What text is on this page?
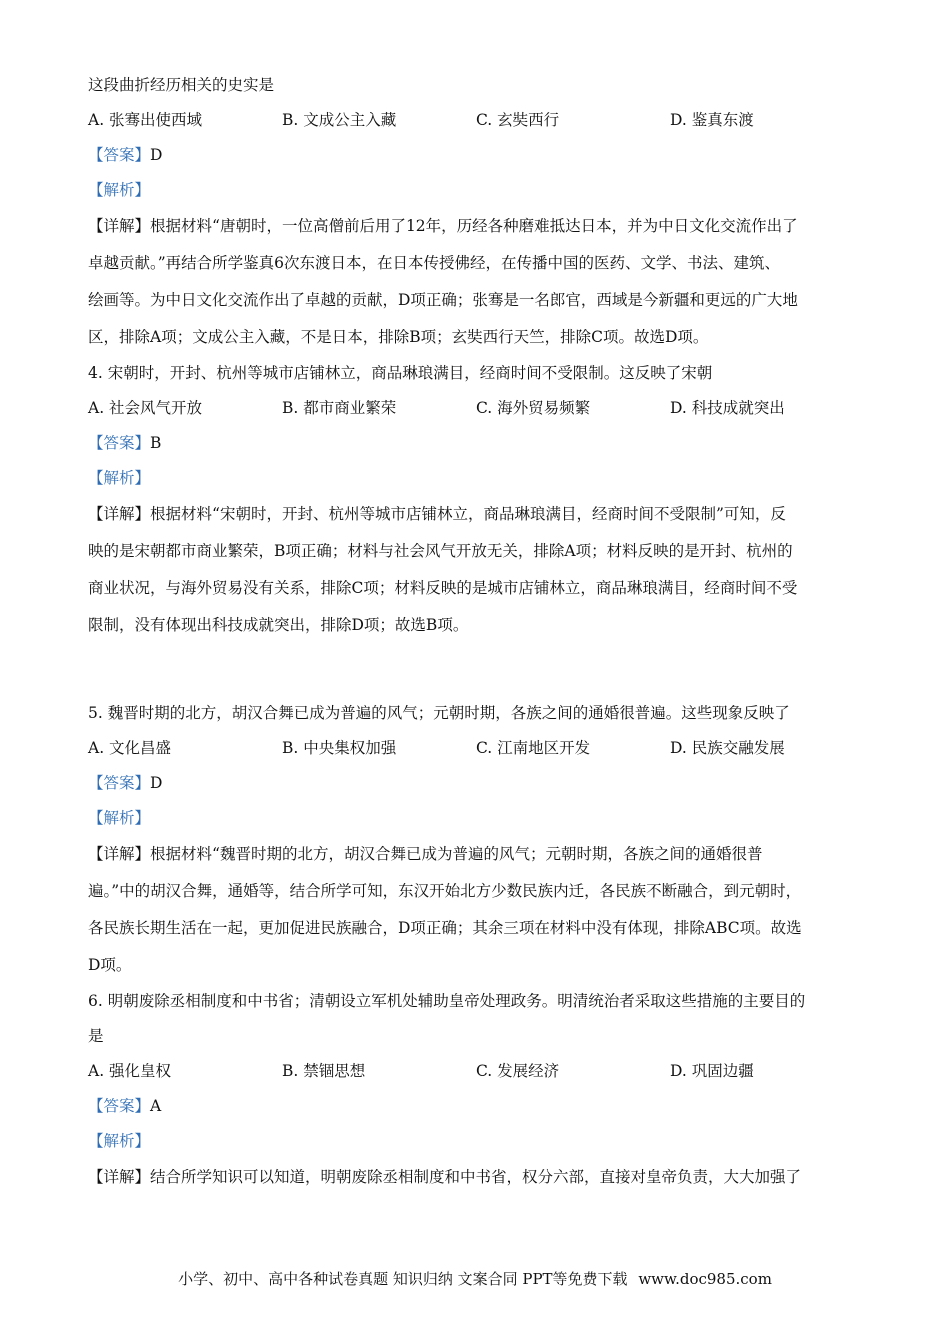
这段曲折经历相关的史实是
A. 张骞出使西域	B. 文成公主入藏	C. 玄奘西行	D. 鉴真东渡
【答案】D
【解析】
【详解】根据材料“唐朝时，一位高僧前后用了12年，历经各种磨难抵达日本，并为中日文化交流作出了
卓越贡献。”再结合所学鉴真6次东渡日本，在日本传授佛经，在传播中国的医药、文学、书法、建筑、
绘画等。为中日文化交流作出了卓越的贡献，D项正确；张骞是一名郎官，西域是今新疆和更远的广大地
区，排除A项；文成公主入藏，不是日本，排除B项；玄奘西行天竺，排除C项。故选D项。
4. 宋朝时，开封、杭州等城市店铺林立，商品琳琅满目，经商时间不受限制。这反映了宋朝
A. 社会风气开放	B. 都市商业繁荣	C. 海外贸易频繁	D. 科技成就突出
【答案】B
【解析】
【详解】根据材料“宋朝时，开封、杭州等城市店铺林立，商品琳琅满目，经商时间不受限制”可知，反
映的是宋朝都市商业繁荣，B项正确；材料与社会风气开放无关，排除A项；材料反映的是开封、杭州的
商业状况，与海外贸易没有关系，排除C项；材料反映的是城市店铺林立，商品琳琅满目，经商时间不受
限制，没有体现出科技成就突出，排除D项；故选B项。
5. 魏晋时期的北方，胡汉合舞已成为普遍的风气；元朝时期，各族之间的通婚很普遍。这些现象反映了
A. 文化昌盛	B. 中央集权加强	C. 江南地区开发	D. 民族交融发展
【答案】D
【解析】
【详解】根据材料“魏晋时期的北方，胡汉合舞已成为普遍的风气；元朝时期，各族之间的通婚很普
遍。”中的胡汉合舞，通婚等，结合所学可知，东汉开始北方少数民族内迁，各民族不断融合，到元朝时，
各民族长期生活在一起，更加促进民族融合，D项正确；其余三项在材料中没有体现，排除ABC项。故选
D项。
6. 明朝废除丞相制度和中书省；清朝设立军机处辅助皇帝处理政务。明清统治者采取这些措施的主要目的
是
A. 强化皇权	B. 禁锢思想	C. 发展经济	D. 巩固边疆
【答案】A
【解析】
【详解】结合所学知识可以知道，明朝废除丞相制度和中书省，权分六部，直接对皇帝负责，大大加强了
小学、初中、高中各种试卷真题 知识归纳 文案合同 PPT等免费下载 www.doc985.com
